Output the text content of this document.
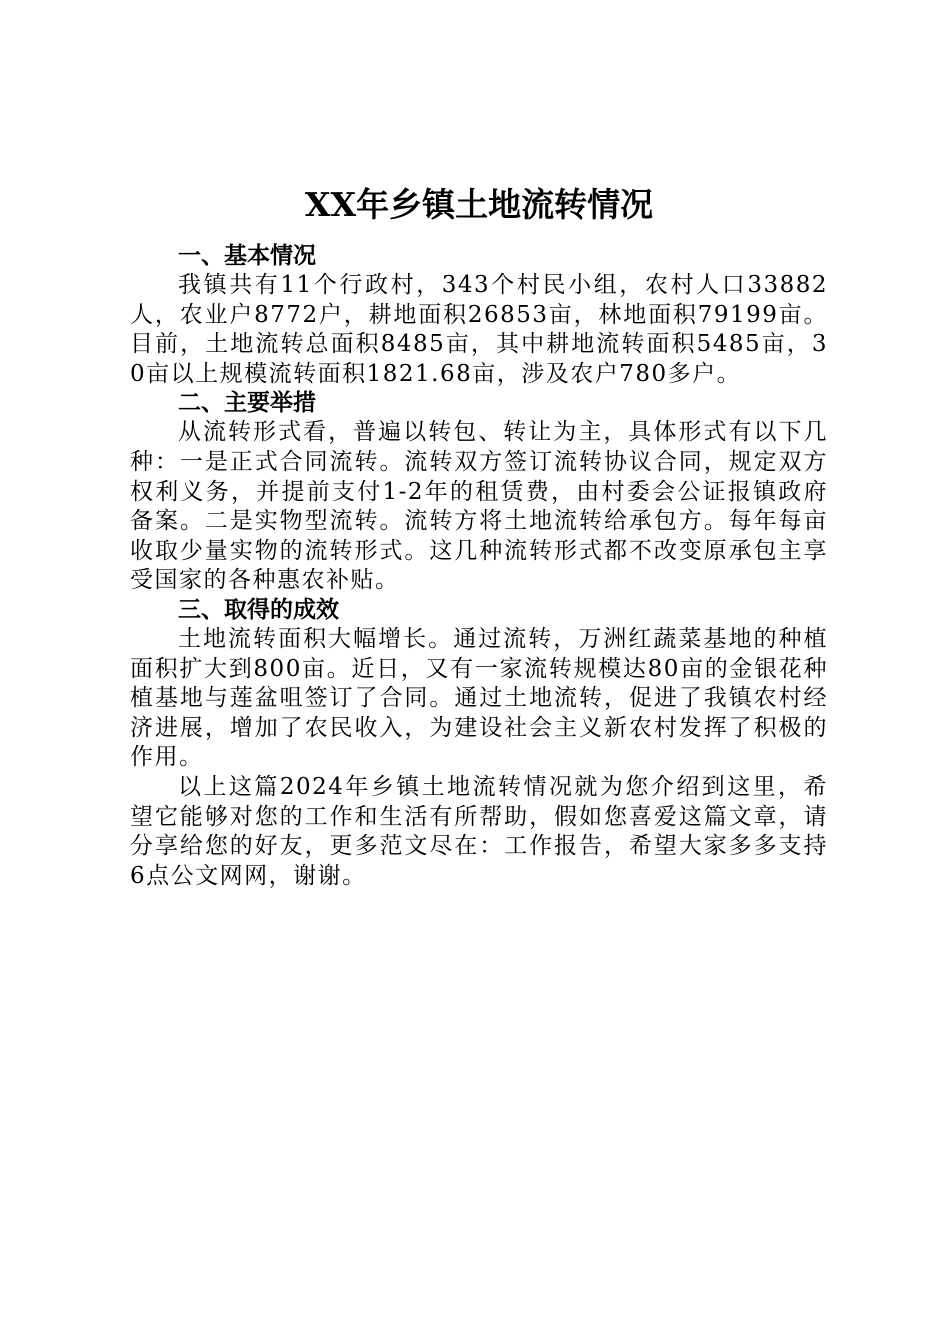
XX年乡镇土地流转情况
一、基本情况

我镇共有11个行政村，343个村民小组，农村人口33882人，农业户8772户，耕地面积26853亩，林地面积79199亩。目前，土地流转总面积8485亩，其中耕地流转面积5485亩，30亩以上规模流转面积1821.68亩，涉及农户780多户。

二、主要举措

从流转形式看，普遍以转包、转让为主，具体形式有以下几种：一是正式合同流转。流转双方签订流转协议合同，规定双方权利义务，并提前支付1-2年的租赁费，由村委会公证报镇政府备案。二是实物型流转。流转方将土地流转给承包方。每年每亩收取少量实物的流转形式。这几种流转形式都不改变原承包主享受国家的各种惠农补贴。

三、取得的成效

土地流转面积大幅增长。通过流转，万洲红蔬菜基地的种植面积扩大到800亩。近日，又有一家流转规模达80亩的金银花种植基地与莲盆咀签订了合同。通过土地流转，促进了我镇农村经济进展，增加了农民收入，为建设社会主义新农村发挥了积极的作用。

以上这篇2024年乡镇土地流转情况就为您介绍到这里，希望它能够对您的工作和生活有所帮助，假如您喜爱这篇文章，请分享给您的好友，更多范文尽在：工作报告，希望大家多多支持6点公文网网，谢谢。
